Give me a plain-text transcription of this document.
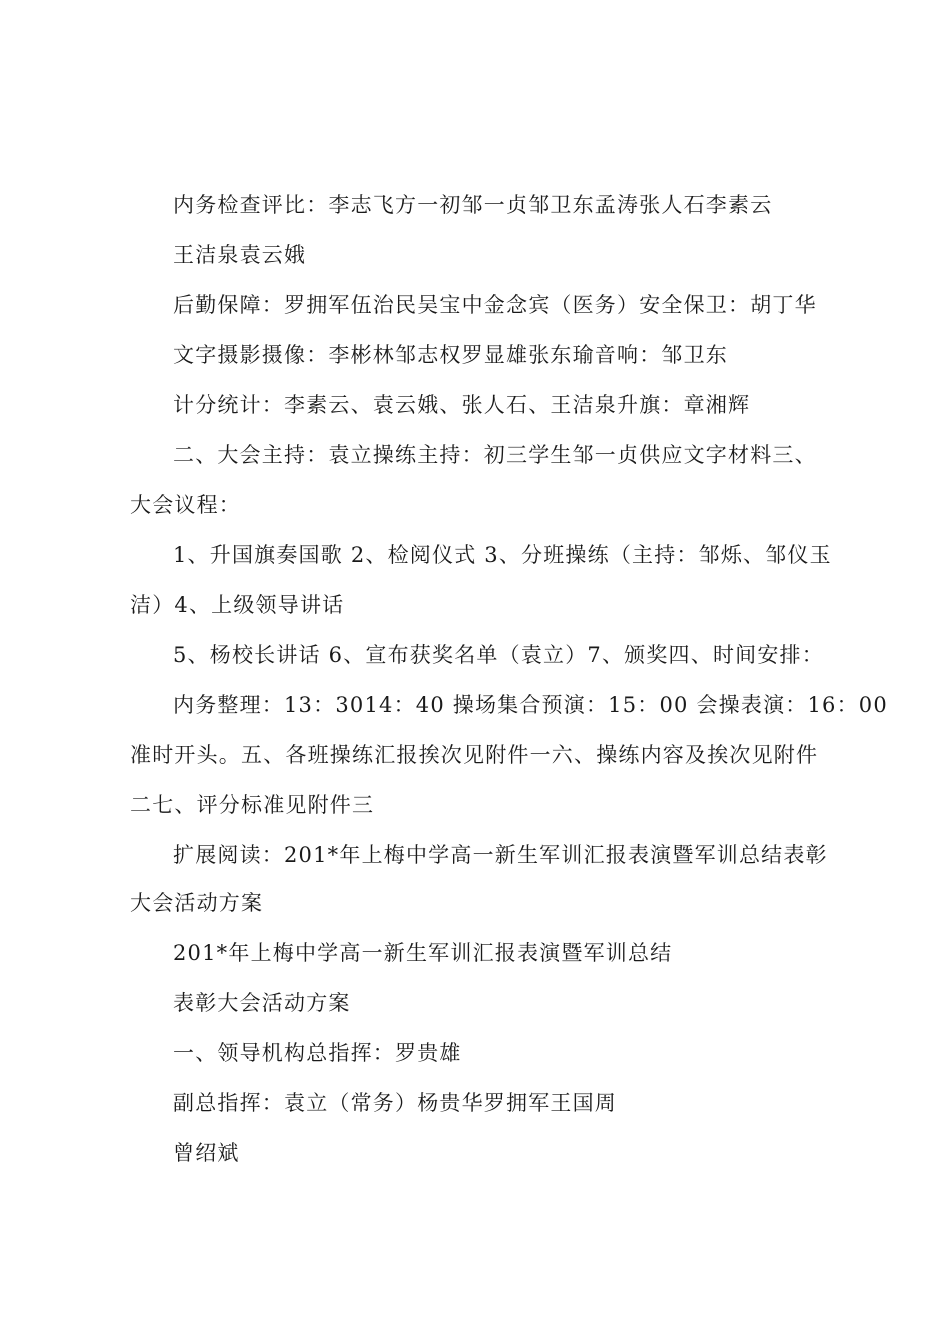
内务检查评比：李志飞方一初邹一贞邹卫东孟涛张人石李素云
王洁泉袁云娥
后勤保障：罗拥军伍治民吴宝中金念宾（医务）安全保卫：胡丁华
文字摄影摄像：李彬林邹志权罗显雄张东瑜音响：邹卫东
计分统计：李素云、袁云娥、张人石、王洁泉升旗：章湘辉
二、大会主持：袁立操练主持：初三学生邹一贞供应文字材料三、
大会议程：
1、升国旗奏国歌 2、检阅仪式 3、分班操练（主持：邹烁、邹仪玉
洁）4、上级领导讲话
5、杨校长讲话 6、宣布获奖名单（袁立）7、颁奖四、时间安排：
内务整理：13：3014：40 操场集合预演：15：00 会操表演：16：00
准时开头。五、各班操练汇报挨次见附件一六、操练内容及挨次见附件
二七、评分标准见附件三
扩展阅读：201*年上梅中学高一新生军训汇报表演暨军训总结表彰
大会活动方案
201*年上梅中学高一新生军训汇报表演暨军训总结
表彰大会活动方案
一、领导机构总指挥：罗贵雄
副总指挥：袁立（常务）杨贵华罗拥军王国周
曾绍斌
